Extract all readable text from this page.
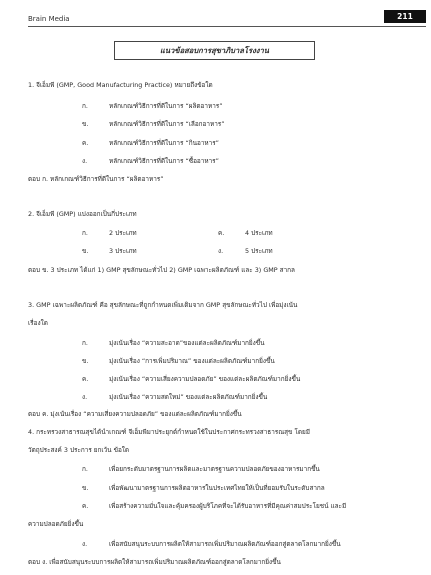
Brain Media	211
แนวข้อสอบการสุขาภิบาลโรงงาน
1. จีเอ็มพี (GMP, Good Manufacturing Practice) หมายถึงข้อใด
ก.	หลักเกณฑ์วิธีการที่ดีในการ “ผลิตอาหาร”
ข.	หลักเกณฑ์วิธีการที่ดีในการ “เลือกอาหาร”
ค.	หลักเกณฑ์วิธีการที่ดีในการ “กินอาหาร”
ง.	หลักเกณฑ์วิธีการที่ดีในการ “ซื้ออาหาร”
ตอบ ก. หลักเกณฑ์วิธีการที่ดีในการ “ผลิตอาหาร”
2. จีเอ็มพี (GMP) แบ่งออกเป็นกี่ประเภท
ก.	2 ประเภท	ค.	4 ประเภท
ข.	3 ประเภท	ง.	5 ประเภท
ตอบ ข. 3 ประเภท ได้แก่ 1) GMP สุขลักษณะทั่วไป 2) GMP เฉพาะผลิตภัณฑ์ และ 3) GMP สากล
3. GMP เฉพาะผลิตภัณฑ์ คือ สุขลักษณะที่ถูกกำหนดเพิ่มเติมจาก GMP สุขลักษณะทั่วไป เพื่อมุ่งเน้น
เรื่องใด
ก.	มุ่งเน้นเรื่อง “ความสะอาด”ของแต่ละผลิตภัณฑ์มากยิ่งขึ้น
ข.	มุ่งเน้นเรื่อง “การเพิ่มปริมาณ” ของแต่ละผลิตภัณฑ์มากยิ่งขึ้น
ค.	มุ่งเน้นเรื่อง “ความเสี่ยงความปลอดภัย” ของแต่ละผลิตภัณฑ์มากยิ่งขึ้น
ง.	มุ่งเน้นเรื่อง “ความสดใหม่” ของแต่ละผลิตภัณฑ์มากยิ่งขึ้น
ตอบ ค. มุ่งเน้นเรื่อง “ความเสี่ยงความปลอดภัย” ของแต่ละผลิตภัณฑ์มากยิ่งขึ้น
4. กระทรวงสาธารณสุขได้นำเกณฑ์ จีเอ็มพีมาประยุกต์กำหนดใช้ในประกาศกระทรวงสาธารณสุข โดยมี
วัตถุประสงค์ 3 ประการ ยกเว้น ข้อใด
ก.	เพื่อยกระดับมาตรฐานการผลิตและมาตรฐานความปลอดภัยของอาหารมากขึ้น
ข.	เพื่อพัฒนามาตรฐานการผลิตอาหารในประเทศไทยให้เป็นที่ยอมรับในระดับสากล
ค.	เพื่อสร้างความมั่นใจและคุ้มครองผู้บริโภคที่จะได้รับอาหารที่มีคุณค่าสมประโยชน์ และมี
ความปลอดภัยยิ่งขึ้น
ง.	เพื่อสนับสนุนระบบการผลิตให้สามารถเพิ่มปริมาณผลิตภัณฑ์ออกสู่ตลาดโลกมากยิ่งขึ้น
ตอบ ง. เพื่อสนับสนุนระบบการผลิตให้สามารถเพิ่มปริมาณผลิตภัณฑ์ออกสู่ตลาดโลกมากยิ่งขึ้น
